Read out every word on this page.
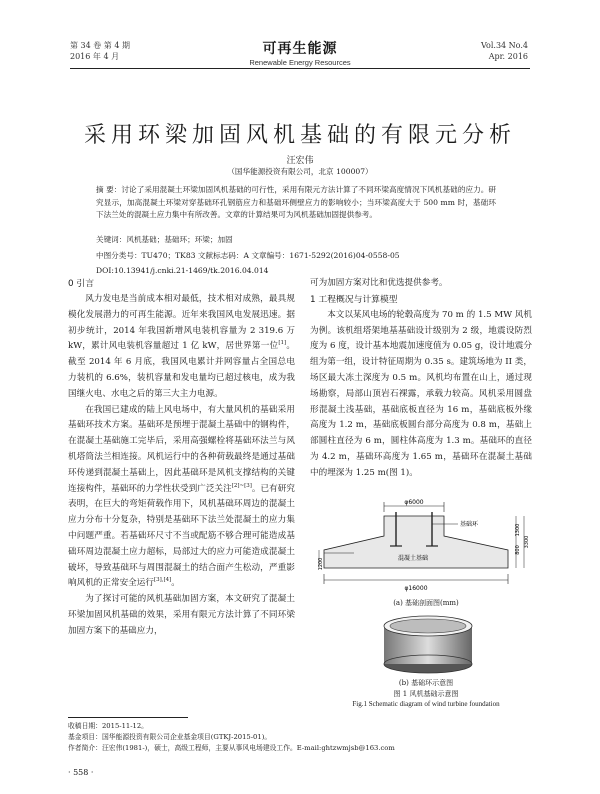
第 34 卷 第 4 期
2016 年 4 月	可再生能源
Renewable Energy Resources
Vol.34 No.4
Apr. 2016
采用环梁加固风机基础的有限元分析
汪宏伟
（国华能源投资有限公司，北京 100007）
摘 要：讨论了采用混凝土环梁加固风机基础的可行性，采用有限元方法计算了不同环梁高度情况下风机基础的应力。研究显示，加高混凝土环梁对穿基础环孔钢筋应力和基础环侧壁应力的影响较小；当环梁高度大于 500 mm 时，基础环下法兰处的混凝土应力集中有所改善。文章的计算结果可为风机基础加固提供参考。
关键词：风机基础；基础环；环梁；加固
中图分类号：TU470；TK83 文献标志码：A 文章编号：1671-5292(2016)04-0558-05
DOI:10.13941/j.cnki.21-1469/tk.2016.04.014
0 引言

风力发电是当前成本相对最低，技术相对成熟，最具规模化发展潜力的可再生能源。近年来我国风电发展迅速。据初步统计，2014 年我国新增风电装机容量为 2 319.6 万 kW，累计风电装机容量超过 1 亿 kW，居世界第一位[1]。截至 2014 年 6 月底，我国风电累计并网容量占全国总电力装机的 6.6%，装机容量和发电量均已超过核电，成为我国继火电、水电之后的第三大主力电源。

在我国已建成的陆上风电场中，有大量风机的基础采用基础环技术方案。基础环是预埋于混凝土基础中的钢构件，在混凝土基础施工完毕后，采用高强螺栓将基础环法兰与风机塔筒法兰相连接。风机运行中的各种荷载最终是通过基础环传递到混凝土基础上，因此基础环是风机支撑结构的关键连接构件，基础环的力学性状受到广泛关注[2]~[3]。已有研究表明，在巨大的弯矩荷载作用下，风机基础环周边的混凝土应力分布十分复杂，特别是基础环下法兰处混凝土的应力集中问题严重。若基础环尺寸不当或配筋不够合理可能造成基础环周边混凝土应力超标，局部过大的应力可能造成混凝土破坏，导致基础环与周围混凝土的结合面产生松动，严重影响风机的正常安全运行[3],[4]。

为了探讨可能的风机基础加固方案，本文研究了混凝土环梁加固风机基础的效果，采用有限元方法计算了不同环梁加固方案下的基础应力，

可为加固方案对比和优选提供参考。
1 工程概况与计算模型

本文以某风电场的轮毂高度为 70 m 的 1.5 MW 风机为例。该机组塔架地基基础设计级别为 2 级，地震设防烈度为 6 度，设计基本地震加速度值为 0.05 g，设计地震分组为第一组，设计特征周期为 0.35 s。建筑场地为 II 类，场区最大冻土深度为 0.5 m。风机均布置在山上，通过现场勘察，局部山顶岩石裸露，承载力较高。风机采用圆盘形混凝土浅基础，基础底板直径为 16 m，基础底板外缘高度为 1.2 m，基础底板圆台部分高度为 0.8 m，基础上部圆柱直径为 6 m，圆柱体高度为 1.3 m。基础环的直径为 4.2 m，基础环高度为 1.65 m，基础环在混凝土基础中的埋深为 1.25 m(图 1)。

φ6000
基础环
混凝土基础
1300
800
3300
1200
φ16000
(a) 基础剖面图(mm)
(b) 基础环示意图
图 1 风机基础示意图
Fig.1 Schematic diagram of wind turbine foundation
收稿日期：2015-11-12。
基金项目：国华能源投资有限公司企业基金项目(GTKJ-2015-01)。
作者简介：汪宏伟(1981-)，硕士，高级工程师，主要从事风电场建设工作。E-mail:ghtzwmjsb@163.com
· 558 ·
